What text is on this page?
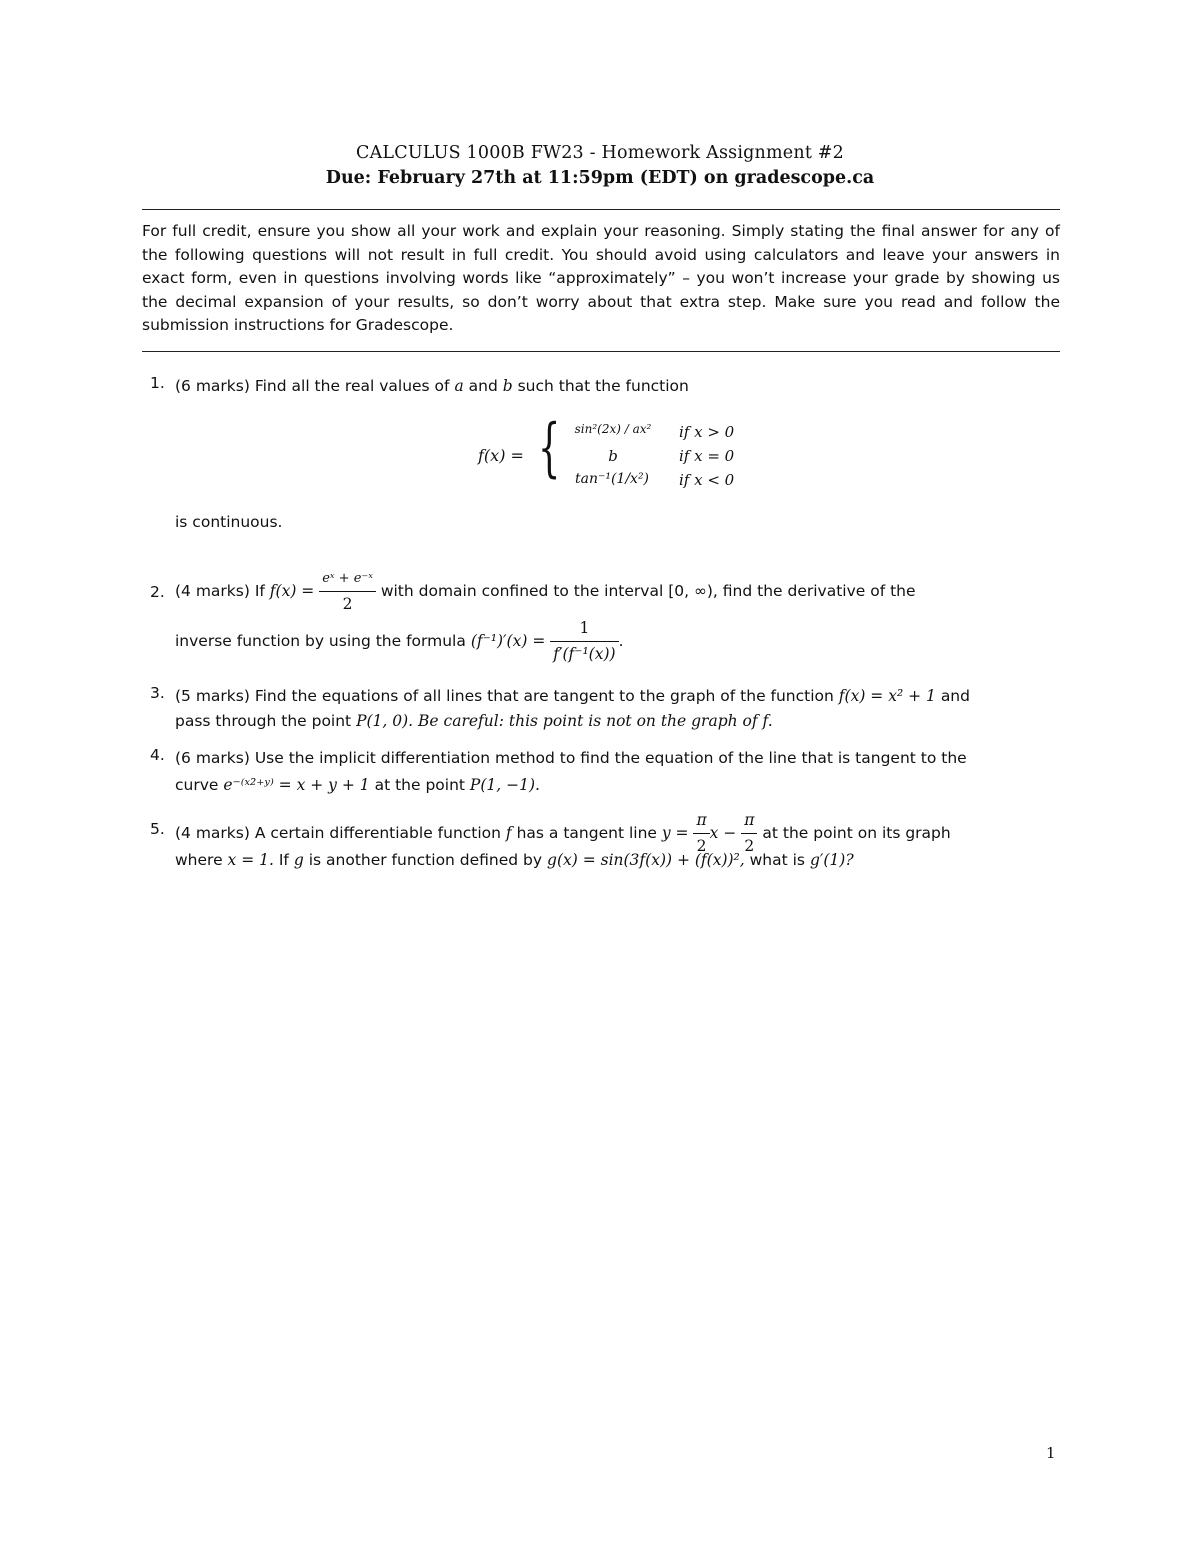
CALCULUS 1000B FW23 - Homework Assignment #2
Due: February 27th at 11:59pm (EDT) on gradescope.ca
For full credit, ensure you show all your work and explain your reasoning. Simply stating the final answer for any of the following questions will not result in full credit. You should avoid using calculators and leave your answers in exact form, even in questions involving words like “approximately” – you won’t increase your grade by showing us the decimal expansion of your results, so don’t worry about that extra step. Make sure you read and follow the submission instructions for Gradescope.
1. (6 marks) Find all the real values of a and b such that the function
f(x) = {	sin²(2x) / ax²	if x > 0
b	if x = 0
tan⁻¹(1/x²)	if x < 0
is continuous.
2. (4 marks) If $f(x) = \frac{\text{eˣ + e⁻ˣ}}{2}$ with domain confined to the interval [0, ∞), find the derivative of the
inverse function by using the formula $(f^{-1})'(x) = \frac{1}{\text{f′(f⁻¹(x))}}$ .
3. (5 marks) Find the equations of all lines that are tangent to the graph of the function f(x) = x² + 1 and
pass through the point P(1, 0). Be careful: this point is not on the graph of f.
4. (6 marks) Use the implicit differentiation method to find the equation of the line that is tangent to the
curve e⁻⁽ˣ²⁺ʸ⁾ = x + y + 1 at the point P(1, −1).
5. (4 marks) A certain differentiable function f has a tangent line $y = \frac{\pi}{2}$ $x - \frac{\pi}{2}$ at the point on its graph
where x = 1. If g is another function defined by g(x) = sin(3f(x)) + (f(x))², what is g′(1)?
1
